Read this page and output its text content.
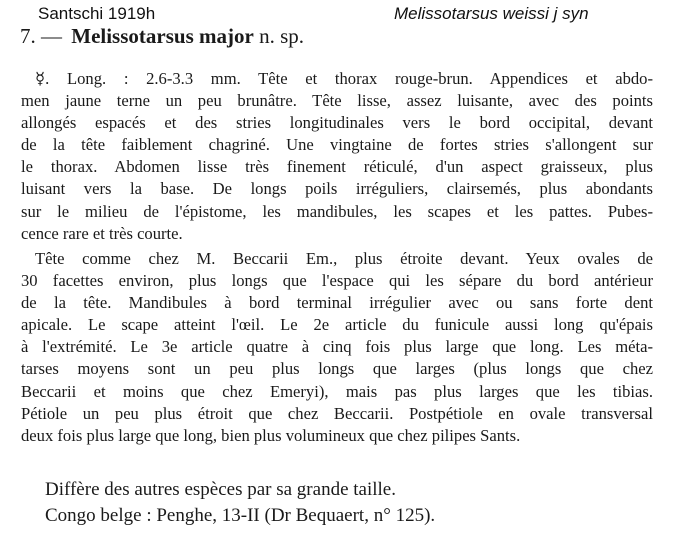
Santschi 1919h	Melissotarsus weissi j syn
7. — Melissotarsus major n. sp.
☿. Long. : 2.6-3.3 mm. Tête et thorax rouge-brun. Appendices et abdo-
men jaune terne un peu brunâtre. Tête lisse, assez luisante, avec des points
allongés espacés et des stries longitudinales vers le bord occipital, devant
de la tête faiblement chagriné. Une vingtaine de fortes stries s'allongent sur
le thorax. Abdomen lisse très finement réticulé, d'un aspect graisseux, plus
luisant vers la base. De longs poils irréguliers, clairsemés, plus abondants
sur le milieu de l'épistome, les mandibules, les scapes et les pattes. Pubes-
cence rare et très courte.
Tête comme chez M. Beccarii Em., plus étroite devant. Yeux ovales de
30 facettes environ, plus longs que l'espace qui les sépare du bord antérieur
de la tête. Mandibules à bord terminal irrégulier avec ou sans forte dent
apicale. Le scape atteint l'œil. Le 2e article du funicule aussi long qu'épais
à l'extrémité. Le 3e article quatre à cinq fois plus large que long. Les méta-
tarses moyens sont un peu plus longs que larges (plus longs que chez
Beccarii et moins que chez Emeryi), mais pas plus larges que les tibias.
Pétiole un peu plus étroit que chez Beccarii. Postpétiole en ovale transversal
deux fois plus large que long, bien plus volumineux que chez pilipes Sants.
Diffère des autres espèces par sa grande taille.
Congo belge : Penghe, 13-II (Dr Bequaert, n° 125).
